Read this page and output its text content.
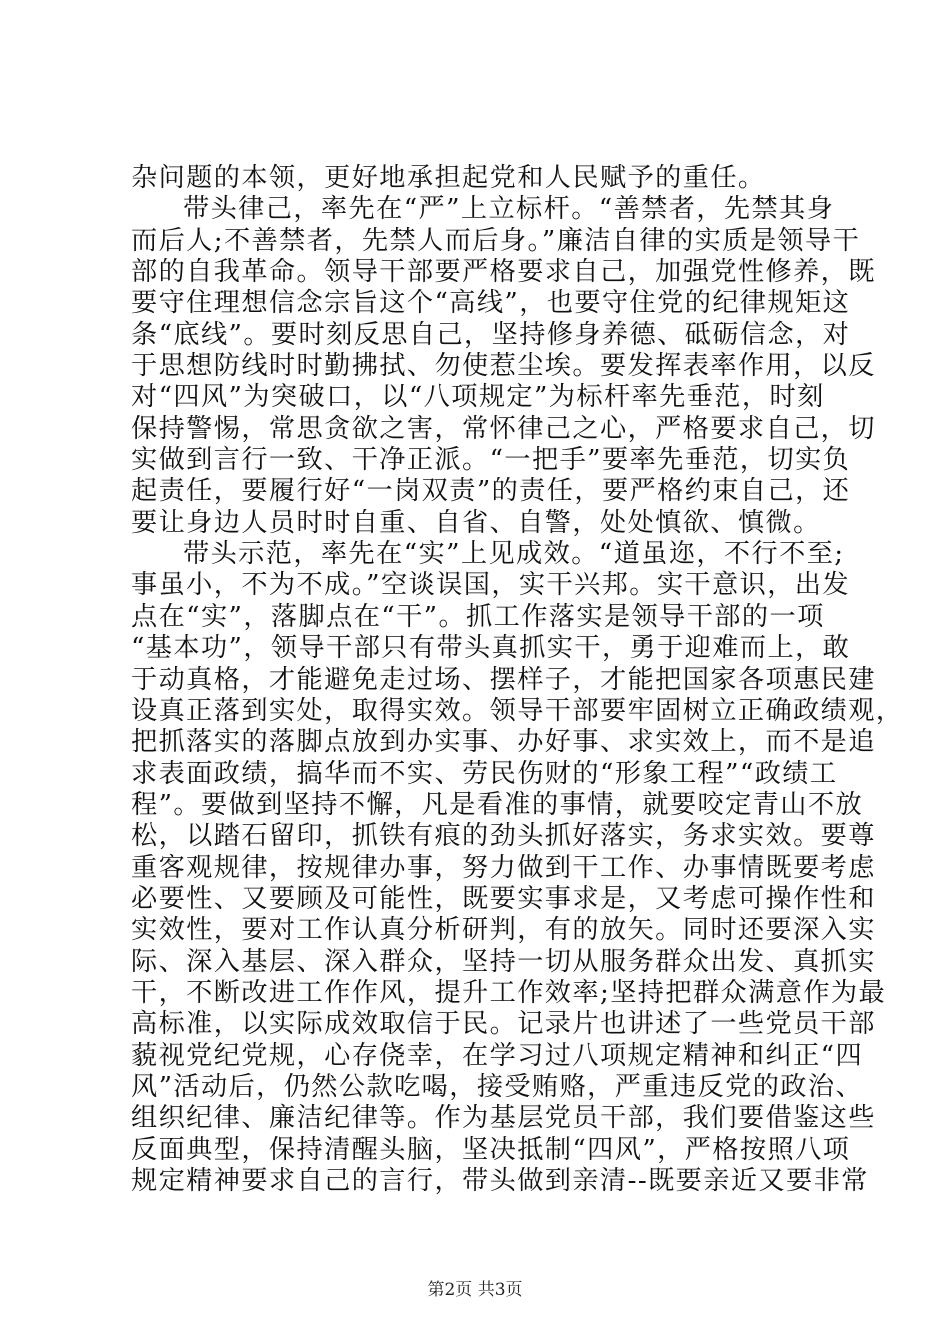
杂问题的本领，更好地承担起党和人民赋予的重任。
带头律己，率先在“严”上立标杆。“善禁者，先禁其身
而后人;不善禁者，先禁人而后身。”廉洁自律的实质是领导干
部的自我革命。领导干部要严格要求自己，加强党性修养，既
要守住理想信念宗旨这个“高线”，也要守住党的纪律规矩这
条“底线”。要时刻反思自己，坚持修身养德、砥砺信念，对
于思想防线时时勤拂拭、勿使惹尘埃。要发挥表率作用，以反
对“四风”为突破口，以“八项规定”为标杆率先垂范，时刻
保持警惕，常思贪欲之害，常怀律己之心，严格要求自己，切
实做到言行一致、干净正派。“一把手”要率先垂范，切实负
起责任，要履行好“一岗双责”的责任，要严格约束自己，还
要让身边人员时时自重、自省、自警，处处慎欲、慎微。
带头示范，率先在“实”上见成效。“道虽迩，不行不至;
事虽小，不为不成。”空谈误国，实干兴邦。实干意识，出发
点在“实”，落脚点在“干”。抓工作落实是领导干部的一项
“基本功”，领导干部只有带头真抓实干，勇于迎难而上，敢
于动真格，才能避免走过场、摆样子，才能把国家各项惠民建
设真正落到实处，取得实效。领导干部要牢固树立正确政绩观，
把抓落实的落脚点放到办实事、办好事、求实效上，而不是追
求表面政绩，搞华而不实、劳民伤财的“形象工程”“政绩工
程”。要做到坚持不懈，凡是看准的事情，就要咬定青山不放
松，以踏石留印，抓铁有痕的劲头抓好落实，务求实效。要尊
重客观规律，按规律办事，努力做到干工作、办事情既要考虑
必要性、又要顾及可能性，既要实事求是，又考虑可操作性和
实效性，要对工作认真分析研判，有的放矢。同时还要深入实
际、深入基层、深入群众，坚持一切从服务群众出发、真抓实
干，不断改进工作作风，提升工作效率;坚持把群众满意作为最
高标准，以实际成效取信于民。记录片也讲述了一些党员干部
藐视党纪党规，心存侥幸，在学习过八项规定精神和纠正“四
风”活动后，仍然公款吃喝，接受贿赂，严重违反党的政治、
组织纪律、廉洁纪律等。作为基层党员干部，我们要借鉴这些
反面典型，保持清醒头脑，坚决抵制“四风”，严格按照八项
规定精神要求自己的言行，带头做到亲清--既要亲近又要非常
第2页 共3页
